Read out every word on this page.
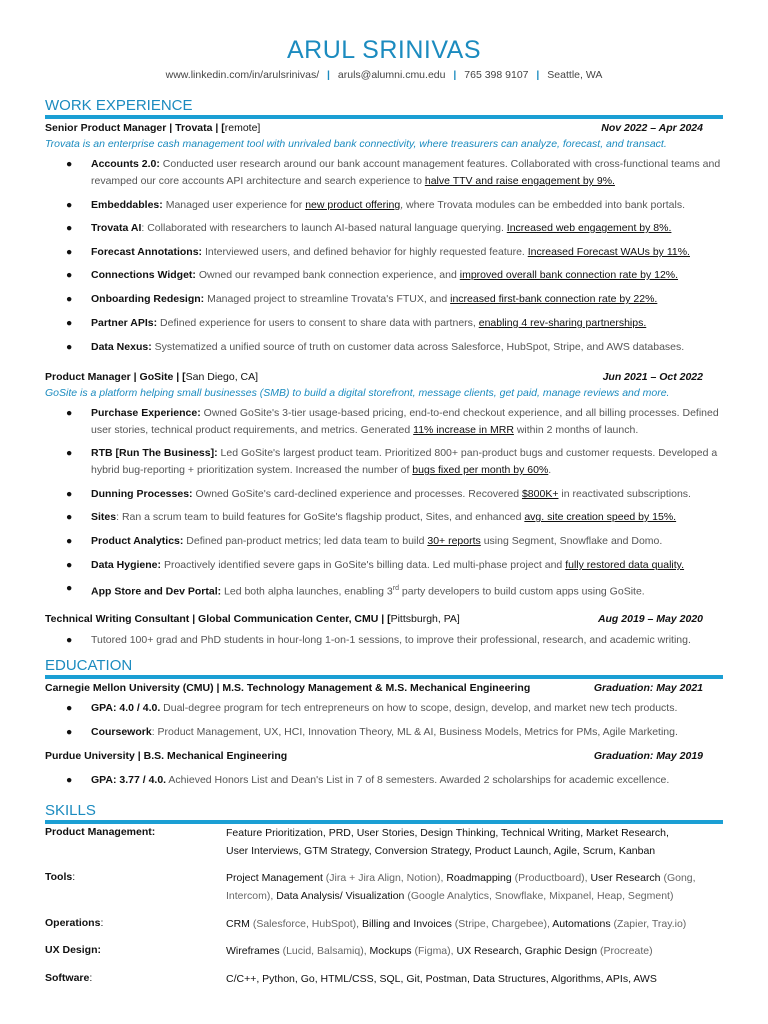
ARUL SRINIVAS
www.linkedin.com/in/arulsrinivas/ | aruls@alumni.cmu.edu | 765 398 9107 | Seattle, WA
WORK EXPERIENCE
Senior Product Manager | Trovata | [remote]	Nov 2022 – Apr 2024
Trovata is an enterprise cash management tool with unrivaled bank connectivity, where treasurers can analyze, forecast, and transact.
● Accounts 2.0: Conducted user research around our bank account management features. Collaborated with cross-functional teams and revamped our core accounts API architecture and search experience to halve TTV and raise engagement by 9%.
● Embeddables: Managed user experience for new product offering, where Trovata modules can be embedded into bank portals.
● Trovata AI: Collaborated with researchers to launch AI-based natural language querying. Increased web engagement by 8%.
● Forecast Annotations: Interviewed users, and defined behavior for highly requested feature. Increased Forecast WAUs by 11%.
● Connections Widget: Owned our revamped bank connection experience, and improved overall bank connection rate by 12%.
● Onboarding Redesign: Managed project to streamline Trovata's FTUX, and increased first-bank connection rate by 22%.
● Partner APIs: Defined experience for users to consent to share data with partners, enabling 4 rev-sharing partnerships.
● Data Nexus: Systematized a unified source of truth on customer data across Salesforce, HubSpot, Stripe, and AWS databases.
Product Manager | GoSite | [San Diego, CA]	Jun 2021 – Oct 2022
GoSite is a platform helping small businesses (SMB) to build a digital storefront, message clients, get paid, manage reviews and more.
● Purchase Experience: Owned GoSite's 3-tier usage-based pricing, end-to-end checkout experience, and all billing processes. Defined user stories, technical product requirements, and metrics. Generated 11% increase in MRR within 2 months of launch.
● RTB [Run The Business]: Led GoSite's largest product team. Prioritized 800+ pan-product bugs and customer requests. Developed a hybrid bug-reporting + prioritization system. Increased the number of bugs fixed per month by 60%.
● Dunning Processes: Owned GoSite's card-declined experience and processes. Recovered $800K+ in reactivated subscriptions.
● Sites: Ran a scrum team to build features for GoSite's flagship product, Sites, and enhanced avg. site creation speed by 15%.
● Product Analytics: Defined pan-product metrics; led data team to build 30+ reports using Segment, Snowflake and Domo.
● Data Hygiene: Proactively identified severe gaps in GoSite's billing data. Led multi-phase project and fully restored data quality.
● App Store and Dev Portal: Led both alpha launches, enabling 3rd party developers to build custom apps using GoSite.
Technical Writing Consultant | Global Communication Center, CMU | [Pittsburgh, PA]	Aug 2019 – May 2020
● Tutored 100+ grad and PhD students in hour-long 1-on-1 sessions, to improve their professional, research, and academic writing.
EDUCATION
Carnegie Mellon University (CMU) | M.S. Technology Management & M.S. Mechanical Engineering	Graduation: May 2021
● GPA: 4.0 / 4.0. Dual-degree program for tech entrepreneurs on how to scope, design, develop, and market new tech products.
● Coursework: Product Management, UX, HCI, Innovation Theory, ML & AI, Business Models, Metrics for PMs, Agile Marketing.
Purdue University | B.S. Mechanical Engineering	Graduation: May 2019
● GPA: 3.77 / 4.0. Achieved Honors List and Dean's List in 7 of 8 semesters. Awarded 2 scholarships for academic excellence.
SKILLS
Product Management:	Feature Prioritization, PRD, User Stories, Design Thinking, Technical Writing, Market Research,
User Interviews, GTM Strategy, Conversion Strategy, Product Launch, Agile, Scrum, Kanban
Tools:	Project Management (Jira + Jira Align, Notion), Roadmapping (Productboard), User Research (Gong,
Intercom), Data Analysis/ Visualization (Google Analytics, Snowflake, Mixpanel, Heap, Segment)
Operations:	CRM (Salesforce, HubSpot), Billing and Invoices (Stripe, Chargebee), Automations (Zapier, Tray.io)
UX Design:	Wireframes (Lucid, Balsamiq), Mockups (Figma), UX Research, Graphic Design (Procreate)
Software:	C/C++, Python, Go, HTML/CSS, SQL, Git, Postman, Data Structures, Algorithms, APIs, AWS
